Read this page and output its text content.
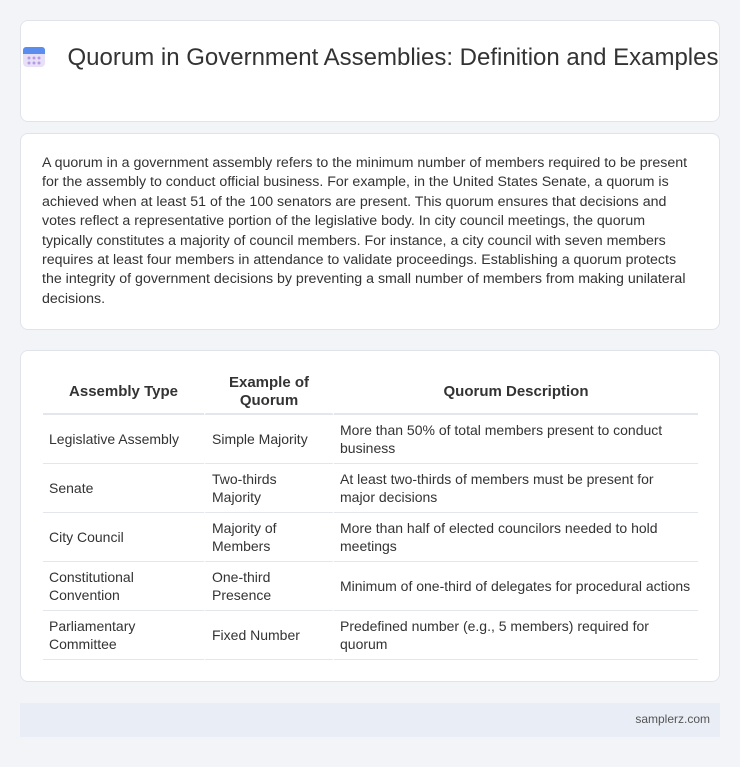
Quorum in Government Assemblies: Definition and Examples

A quorum in a government assembly refers to the minimum number of members required to be present for the assembly to conduct official business. For example, in the United States Senate, a quorum is achieved when at least 51 of the 100 senators are present. This quorum ensures that decisions and votes reflect a representative portion of the legislative body. In city council meetings, the quorum typically constitutes a majority of council members. For instance, a city council with seven members requires at least four members in attendance to validate proceedings. Establishing a quorum protects the integrity of government decisions by preventing a small number of members from making unilateral decisions.

Assembly Type	Example of Quorum	Quorum Description
Legislative Assembly	Simple Majority	More than 50% of total members present to conduct business
Senate	Two-thirds Majority	At least two-thirds of members must be present for major decisions
City Council	Majority of Members	More than half of elected councilors needed to hold meetings
Constitutional Convention	One-third Presence	Minimum of one-third of delegates for procedural actions
Parliamentary Committee	Fixed Number	Predefined number (e.g., 5 members) required for quorum
samplerz.com
